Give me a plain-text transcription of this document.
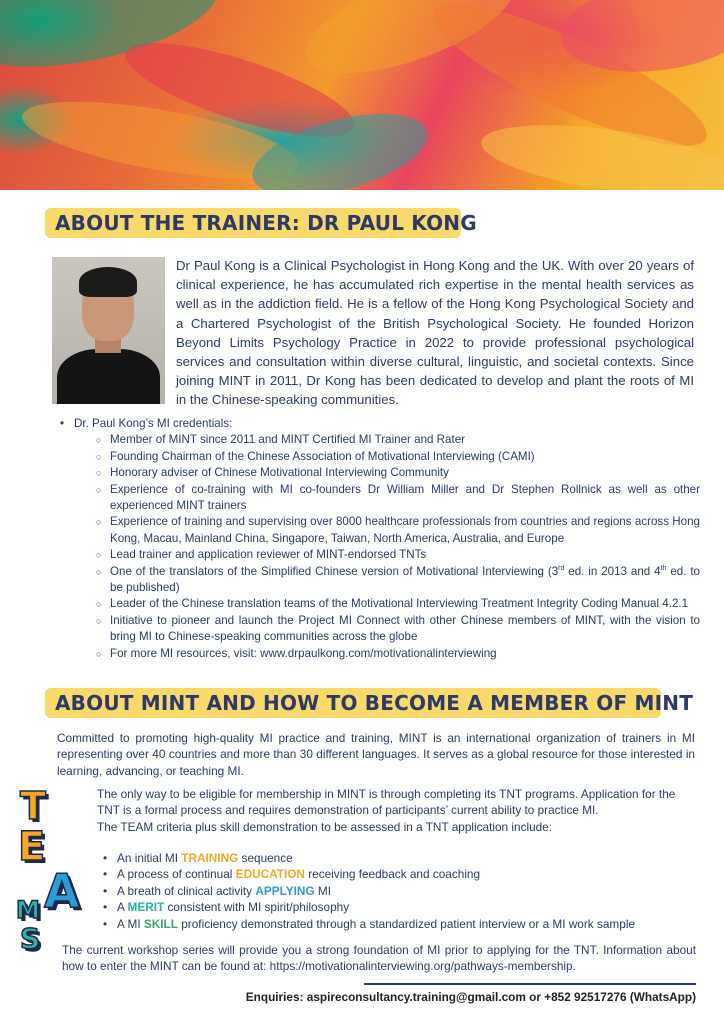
ABOUT THE TRAINER: DR PAUL KONG

Dr Paul Kong is a Clinical Psychologist in Hong Kong and the UK. With over 20 years of clinical experience, he has accumulated rich expertise in the mental health services as well as in the addiction field. He is a fellow of the Hong Kong Psychological Society and a Chartered Psychologist of the British Psychological Society. He founded Horizon Beyond Limits Psychology Practice in 2022 to provide professional psychological services and consultation within diverse cultural, linguistic, and societal contexts. Since joining MINT in 2011, Dr Kong has been dedicated to develop and plant the roots of MI in the Chinese-speaking communities.

• Dr. Paul Kong’s MI credentials:
○ Member of MINT since 2011 and MINT Certified MI Trainer and Rater
○ Founding Chairman of the Chinese Association of Motivational Interviewing (CAMI)
○ Honorary adviser of Chinese Motivational Interviewing Community
○ Experience of co-training with MI co-founders Dr William Miller and Dr Stephen Rollnick as well as other experienced MINT trainers
○ Experience of training and supervising over 8000 healthcare professionals from countries and regions across Hong Kong, Macau, Mainland China, Singapore, Taiwan, North America, Australia, and Europe
○ Lead trainer and application reviewer of MINT-endorsed TNTs
○ One of the translators of the Simplified Chinese version of Motivational Interviewing (3rd ed. in 2013 and 4th ed. to be published)
○ Leader of the Chinese translation teams of the Motivational Interviewing Treatment Integrity Coding Manual 4.2.1
○ Initiative to pioneer and launch the Project MI Connect with other Chinese members of MINT, with the vision to bring MI to Chinese-speaking communities across the globe
○ For more MI resources, visit: www.drpaulkong.com/motivationalinterviewing
ABOUT MINT AND HOW TO BECOME A MEMBER OF MINT

Committed to promoting high-quality MI practice and training, MINT is an international organization of trainers in MI representing over 40 countries and more than 30 different languages. It serves as a global resource for those interested in learning, advancing, or teaching MI.

The only way to be eligible for membership in MINT is through completing its TNT programs. Application for the TNT is a formal process and requires demonstration of participants’ current ability to practice MI.

The TEAM criteria plus skill demonstration to be assessed in a TNT application include:

• An initial MI TRAINING sequence
• A process of continual EDUCATION receiving feedback and coaching
• A breath of clinical activity APPLYING MI
• A MERIT consistent with MI spirit/philosophy
• A MI SKILL proficiency demonstrated through a standardized patient interview or a MI work sample
T
E
A
M
S The current workshop series will provide you a strong foundation of MI prior to applying for the TNT. Information about how to enter the MINT can be found at: https://motivationalinterviewing.org/pathways-membership.

Enquiries: aspireconsultancy.training@gmail.com or +852 92517276 (WhatsApp)
